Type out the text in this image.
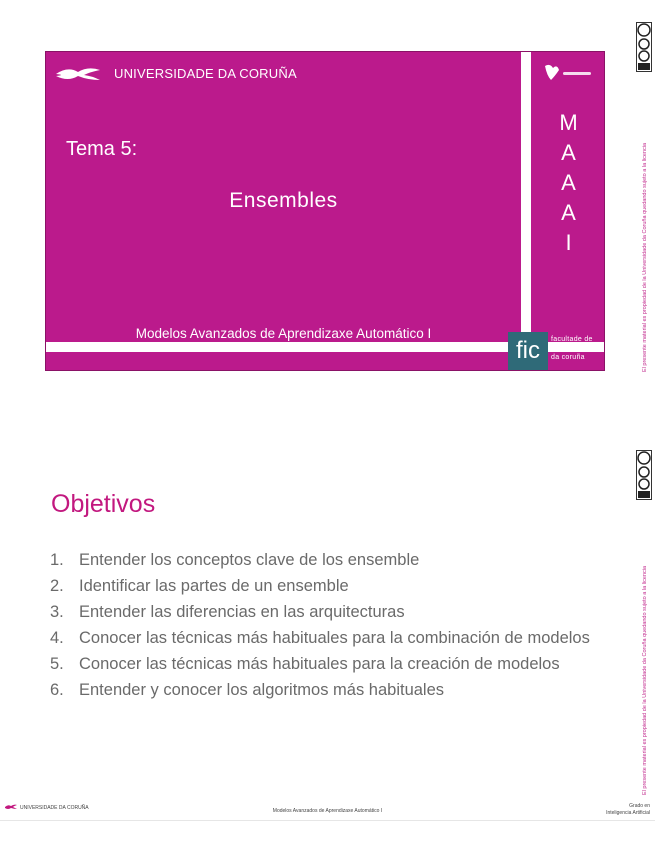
UNIVERSIDADE DA CORUÑA
Tema 5:
Ensembles
Modelos Avanzados de Aprendizaxe Automático I
M
A
A
A
I
fic	facultade de
informática
da coruña	El presente material es propiedad de la Universidade da Coruña quedando sujeto a la licencia
El presente material es propiedad de la Universidade da Coruña quedando sujeto a la licencia
Objetivos
1. Entender los conceptos clave de los ensemble
2. Identificar las partes de un ensemble
3. Entender las diferencias en las arquitecturas
4. Conocer las técnicas más habituales para la combinación de modelos
5. Conocer las técnicas más habituales para la creación de modelos
6. Entender y conocer los algoritmos más habituales
UNIVERSIDADE DA CORUÑA	Modelos Avanzados de Aprendizaxe Automático I
Grado en
Inteligencia Artificial
